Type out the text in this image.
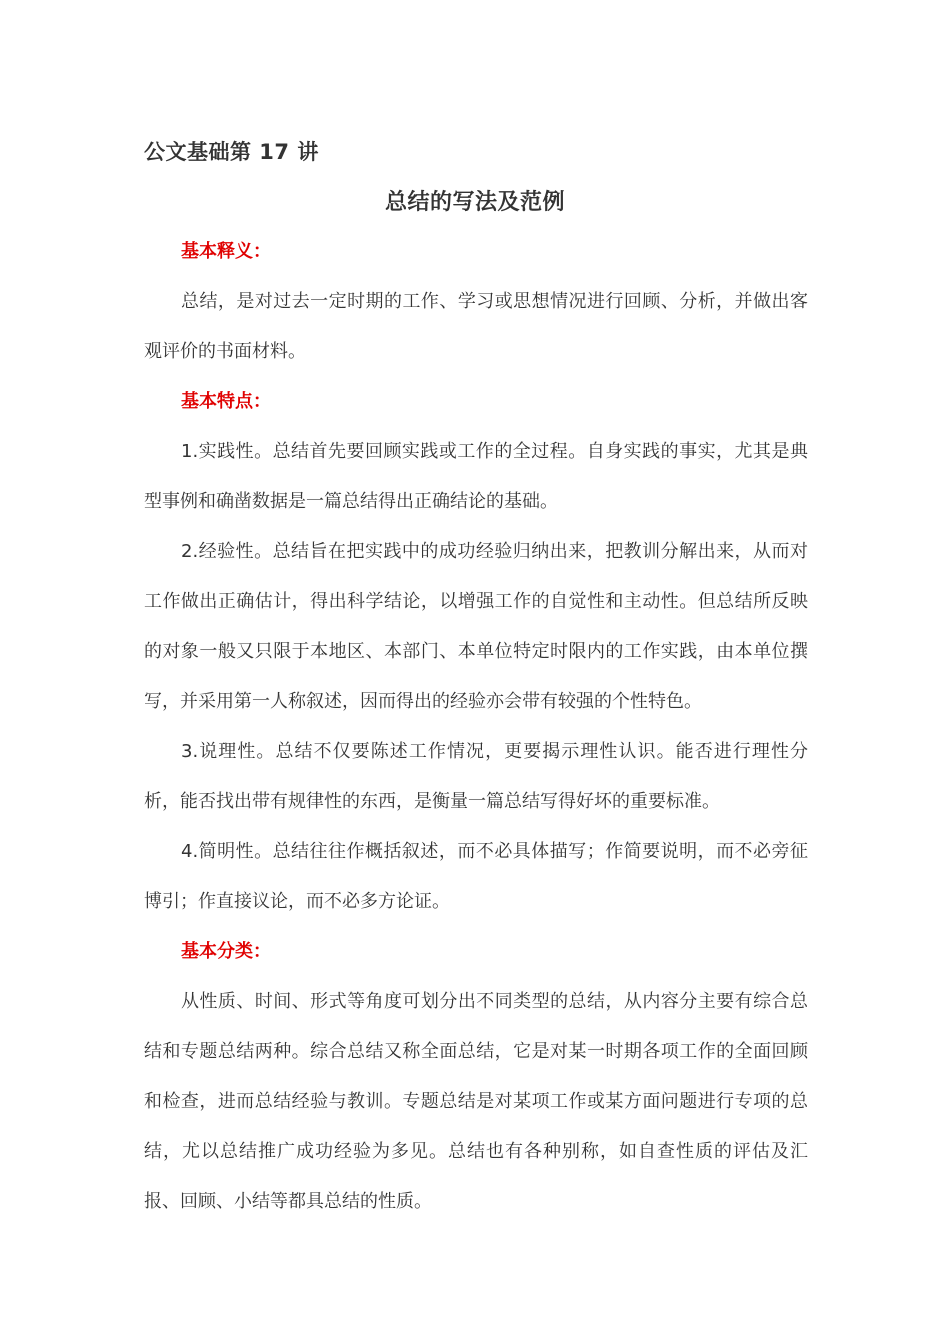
公文基础第 17 讲
总结的写法及范例

基本释义：

总结，是对过去一定时期的工作、学习或思想情况进行回顾、分析，并做出客观评价的书面材料。

基本特点：

1.实践性。总结首先要回顾实践或工作的全过程。自身实践的事实，尤其是典型事例和确凿数据是一篇总结得出正确结论的基础。

2.经验性。总结旨在把实践中的成功经验归纳出来，把教训分解出来，从而对工作做出正确估计，得出科学结论，以增强工作的自觉性和主动性。但总结所反映的对象一般又只限于本地区、本部门、本单位特定时限内的工作实践，由本单位撰写，并采用第一人称叙述，因而得出的经验亦会带有较强的个性特色。

3.说理性。总结不仅要陈述工作情况，更要揭示理性认识。能否进行理性分析，能否找出带有规律性的东西，是衡量一篇总结写得好坏的重要标准。

4.简明性。总结往往作概括叙述，而不必具体描写；作简要说明，而不必旁征博引；作直接议论，而不必多方论证。

基本分类：

从性质、时间、形式等角度可划分出不同类型的总结，从内容分主要有综合总结和专题总结两种。综合总结又称全面总结，它是对某一时期各项工作的全面回顾和检查，进而总结经验与教训。专题总结是对某项工作或某方面问题进行专项的总结，尤以总结推广成功经验为多见。总结也有各种别称，如自查性质的评估及汇报、回顾、小结等都具总结的性质。
